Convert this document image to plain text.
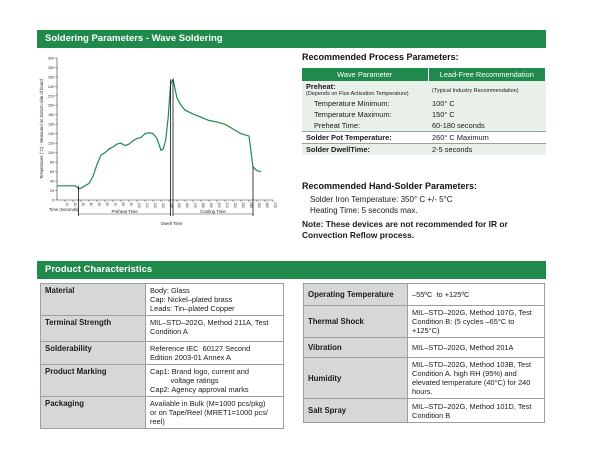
Soldering Parameters - Wave Soldering
0
20
40
60
80
100
120
140
160
180
200
220
240
260
280
300
10 20 30 40 50 60 70 80 90 100 110 120 130 140 150 160 170 180 190 200 210 220 230 240 250 260 270
Temperature (°C) - Measured on bottom side of board
Time (Seconds)	Preheat Time	Cooling Time
Dwell Time
Recommended Process Parameters:
Wave Parameter	Lead-Free Recommendation
Preheat:
(Depends on Flux Activation Temperature)	(Typical Industry Recommendation)
Temperature Minimum:	100° C
Temperature Maximum:	150° C
Preheat Time:	60-180 seconds
Solder Pot Temperature:	260° C Maximum
Solder DwellTime:	2-5 seconds
Recommended Hand-Solder Parameters:
Solder Iron Temperature: 350° C +/- 5°C
Heating Time: 5 seconds max.
Note: These devices are not recommended for IR or Convection Reflow process.
Product Characteristics
Material	Body: Glass
Cap: Nickel–plated brass
Leads: Tin–plated Copper

Terminal Strength	MIL–STD–202G, Method 211A, Test
Condition A

Solderability	Reference IEC  60127 Second
Edition 2003-01 Annex A

Product Marking	Cap1: Brand logo, current and
voltage ratings
Cap2: Agency approval marks

Packaging	Available in Bulk (M=1000 pcs/pkg)
or on Tape/Reel (MRET1=1000 pcs/
reel)
Operating Temperature	–55ºC  to +125ºC

Thermal Shock	MIL–STD–202G, Method 107G, Test
Condition B: (5 cycles –65°C to
+125°C)

Vibration	MIL–STD–202G, Method 201A

Humidity	MIL–STD–202G, Method 103B, Test
Condition A. high RH (95%) and
elevated temperature (40°C) for 240
hours.

Salt Spray	MIL–STD–202G, Method 101D, Test
Condition B
